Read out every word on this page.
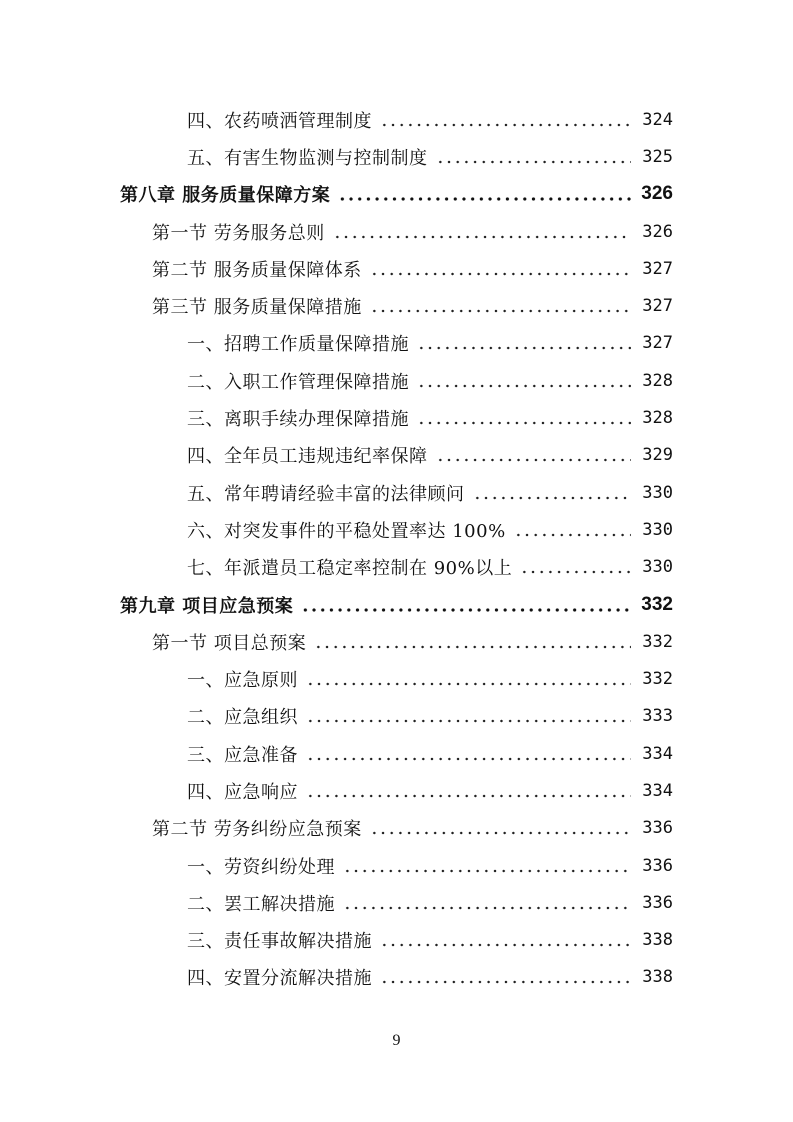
四、农药喷洒管理制度	324
五、有害生物监测与控制制度	325
第八章 服务质量保障方案	326
第一节 劳务服务总则	326
第二节 服务质量保障体系	327
第三节 服务质量保障措施	327
一、招聘工作质量保障措施	327
二、入职工作管理保障措施	328
三、离职手续办理保障措施	328
四、全年员工违规违纪率保障	329
五、常年聘请经验丰富的法律顾问	330
六、对突发事件的平稳处置率达 100%	330
七、年派遣员工稳定率控制在 90%以上	330
第九章 项目应急预案	332
第一节 项目总预案	332
一、应急原则	332
二、应急组织	333
三、应急准备	334
四、应急响应	334
第二节 劳务纠纷应急预案	336
一、劳资纠纷处理	336
二、罢工解决措施	336
三、责任事故解决措施	338
四、安置分流解决措施	338
9
